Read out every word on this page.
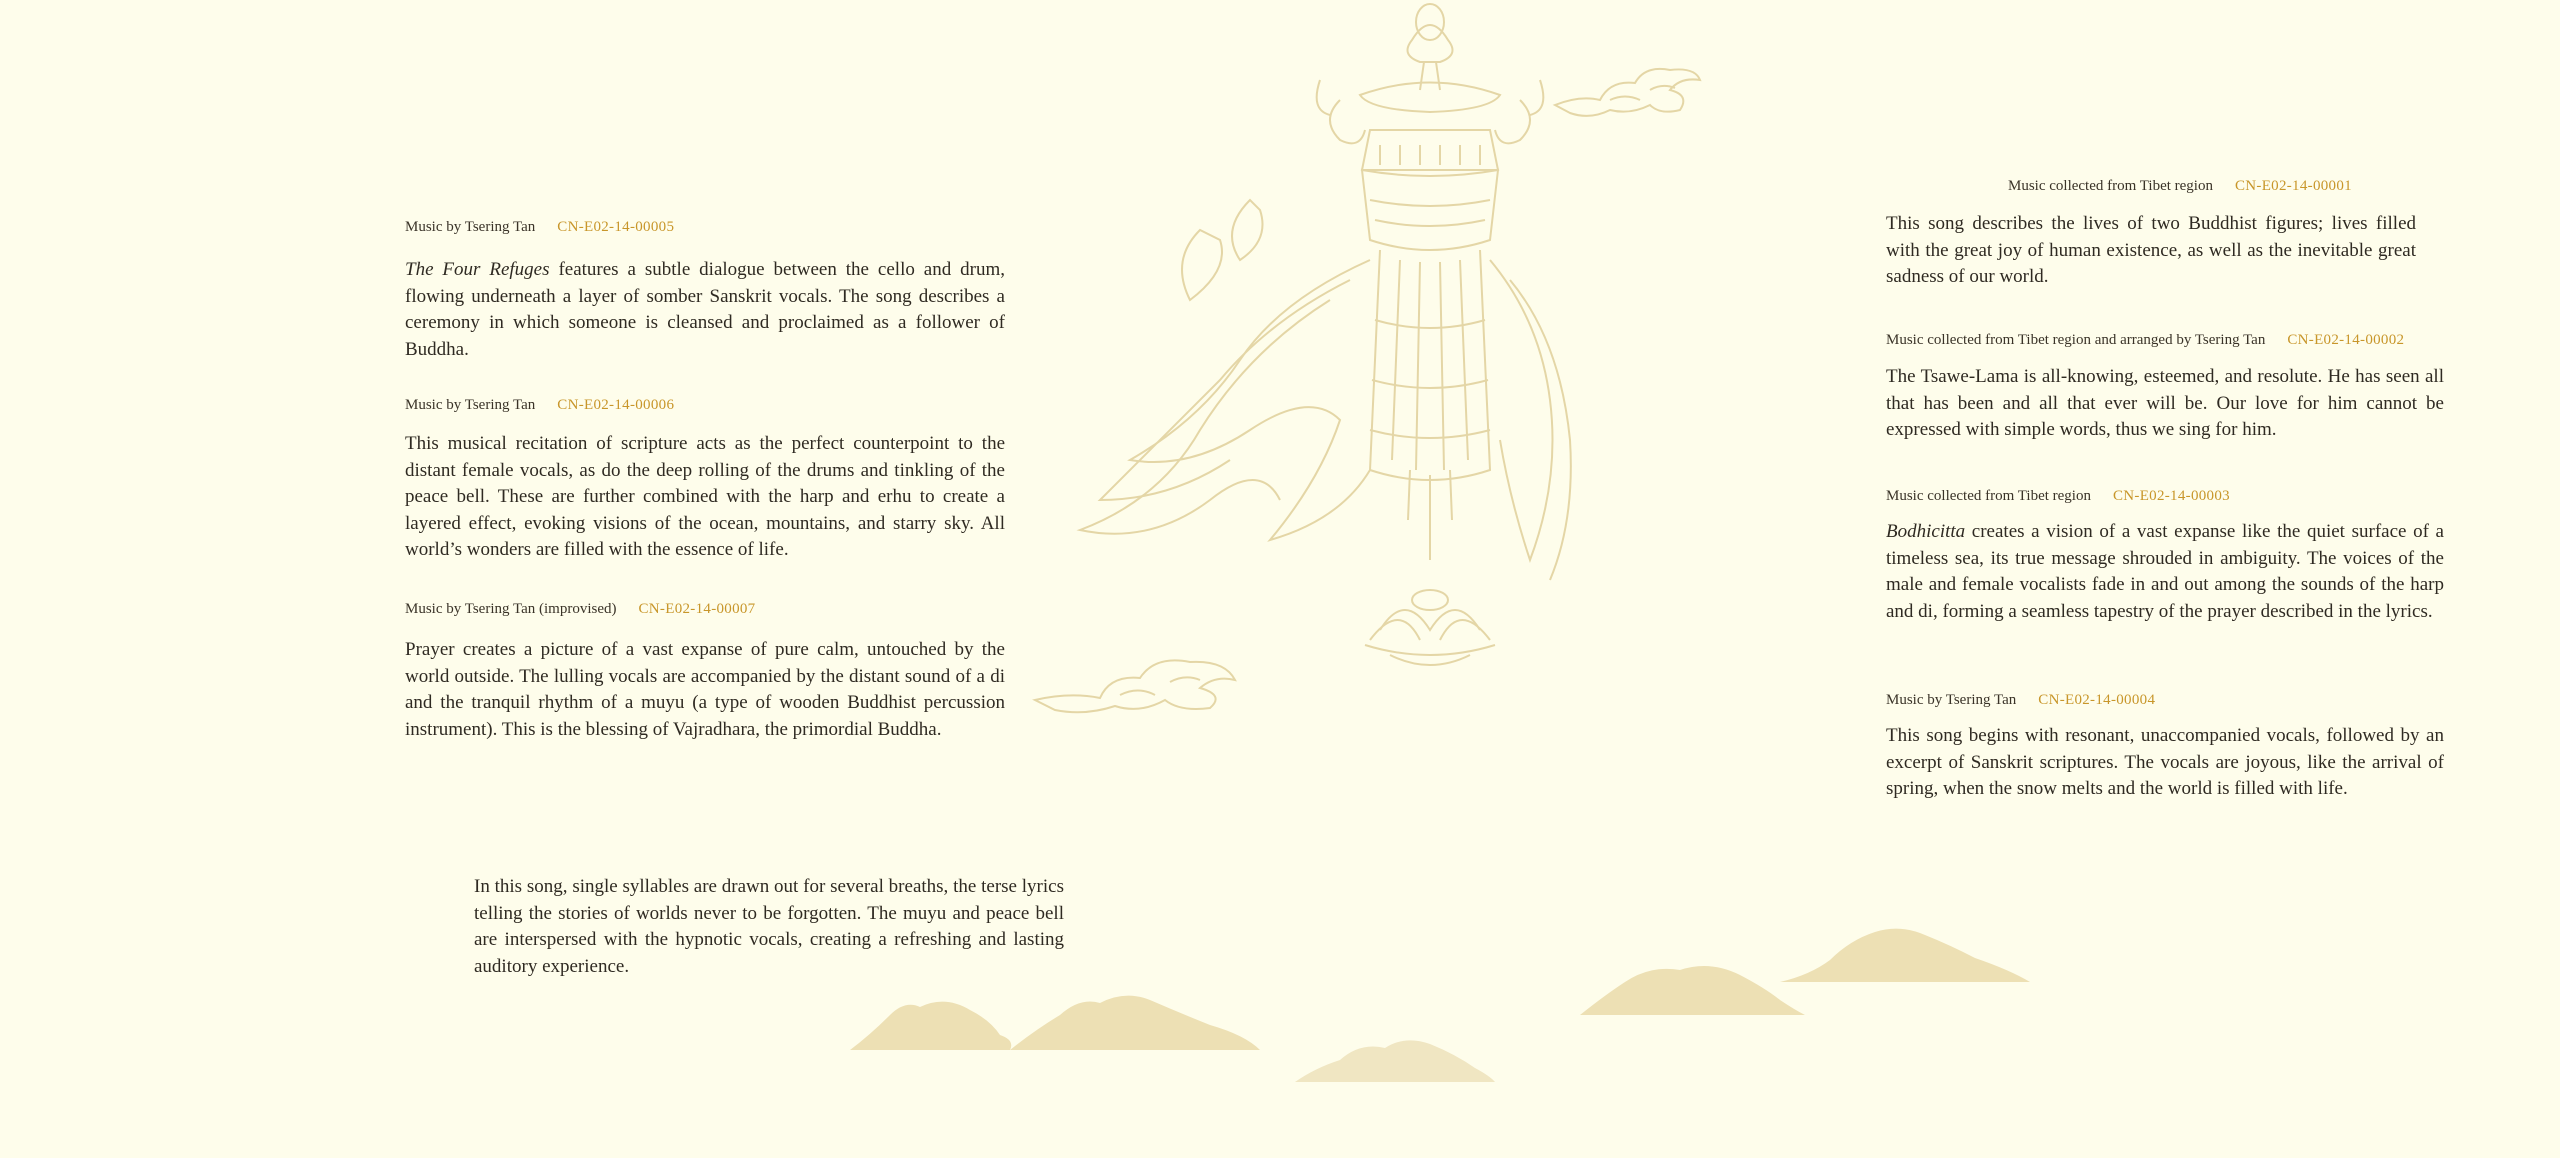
Music collected from Tibet region CN-E02-14-00001

This song describes the lives of two Buddhist figures; lives filled with the great joy of human existence, as well as the inevitable great sadness of our world.

Music collected from Tibet region and arranged by Tsering Tan CN-E02-14-00002

The Tsawe-Lama is all-knowing, esteemed, and resolute. He has seen all that has been and all that ever will be. Our love for him cannot be expressed with simple words, thus we sing for him.

Music collected from Tibet region CN-E02-14-00003

Bodhicitta creates a vision of a vast expanse like the quiet surface of a timeless sea, its true message shrouded in ambiguity. The voices of the male and female vocalists fade in and out among the sounds of the harp and di, forming a seamless tapestry of the prayer described in the lyrics.

Music by Tsering Tan CN-E02-14-00004

This song begins with resonant, unaccompanied vocals, followed by an excerpt of Sanskrit scriptures. The vocals are joyous, like the arrival of spring, when the snow melts and the world is filled with life.

Music by Tsering Tan CN-E02-14-00005

The Four Refuges features a subtle dialogue between the cello and drum, flowing underneath a layer of somber Sanskrit vocals. The song describes a ceremony in which someone is cleansed and proclaimed as a follower of Buddha.

Music by Tsering Tan CN-E02-14-00006

This musical recitation of scripture acts as the perfect counterpoint to the distant female vocals, as do the deep rolling of the drums and tinkling of the peace bell. These are further combined with the harp and erhu to create a layered effect, evoking visions of the ocean, mountains, and starry sky. All world’s wonders are filled with the essence of life.

Music by Tsering Tan (improvised) CN-E02-14-00007

Prayer creates a picture of a vast expanse of pure calm, untouched by the world outside. The lulling vocals are accompanied by the distant sound of a di and the tranquil rhythm of a muyu (a type of wooden Buddhist percussion instrument). This is the blessing of Vajradhara, the primordial Buddha.

In this song, single syllables are drawn out for several breaths, the terse lyrics telling the stories of worlds never to be forgotten. The muyu and peace bell are interspersed with the hypnotic vocals, creating a refreshing and lasting auditory experience.
